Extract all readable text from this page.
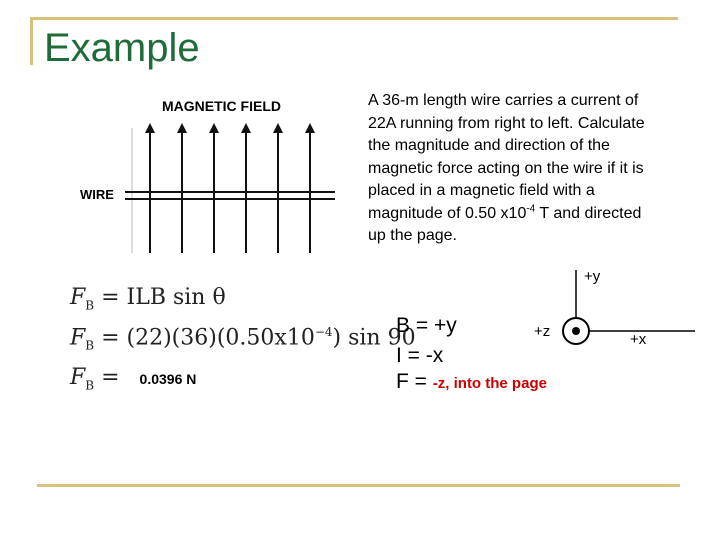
Example
A 36-m length wire carries a current of 22A running from right to left. Calculate the magnitude and direction of the magnetic force acting on the wire if it is placed in a magnetic field with a magnitude of 0.50 $x10^{-4}$ T and directed up the page.
MAGNETIC FIELD
WIRE
$F_B$ = ILB sin θ
$F_B = (22)(36)(0.50x10^{-4})$ sin 90
$F_B = 0.0396$ N
B = +y
I = -x
F = -z, into the page
+y
+z	+x
